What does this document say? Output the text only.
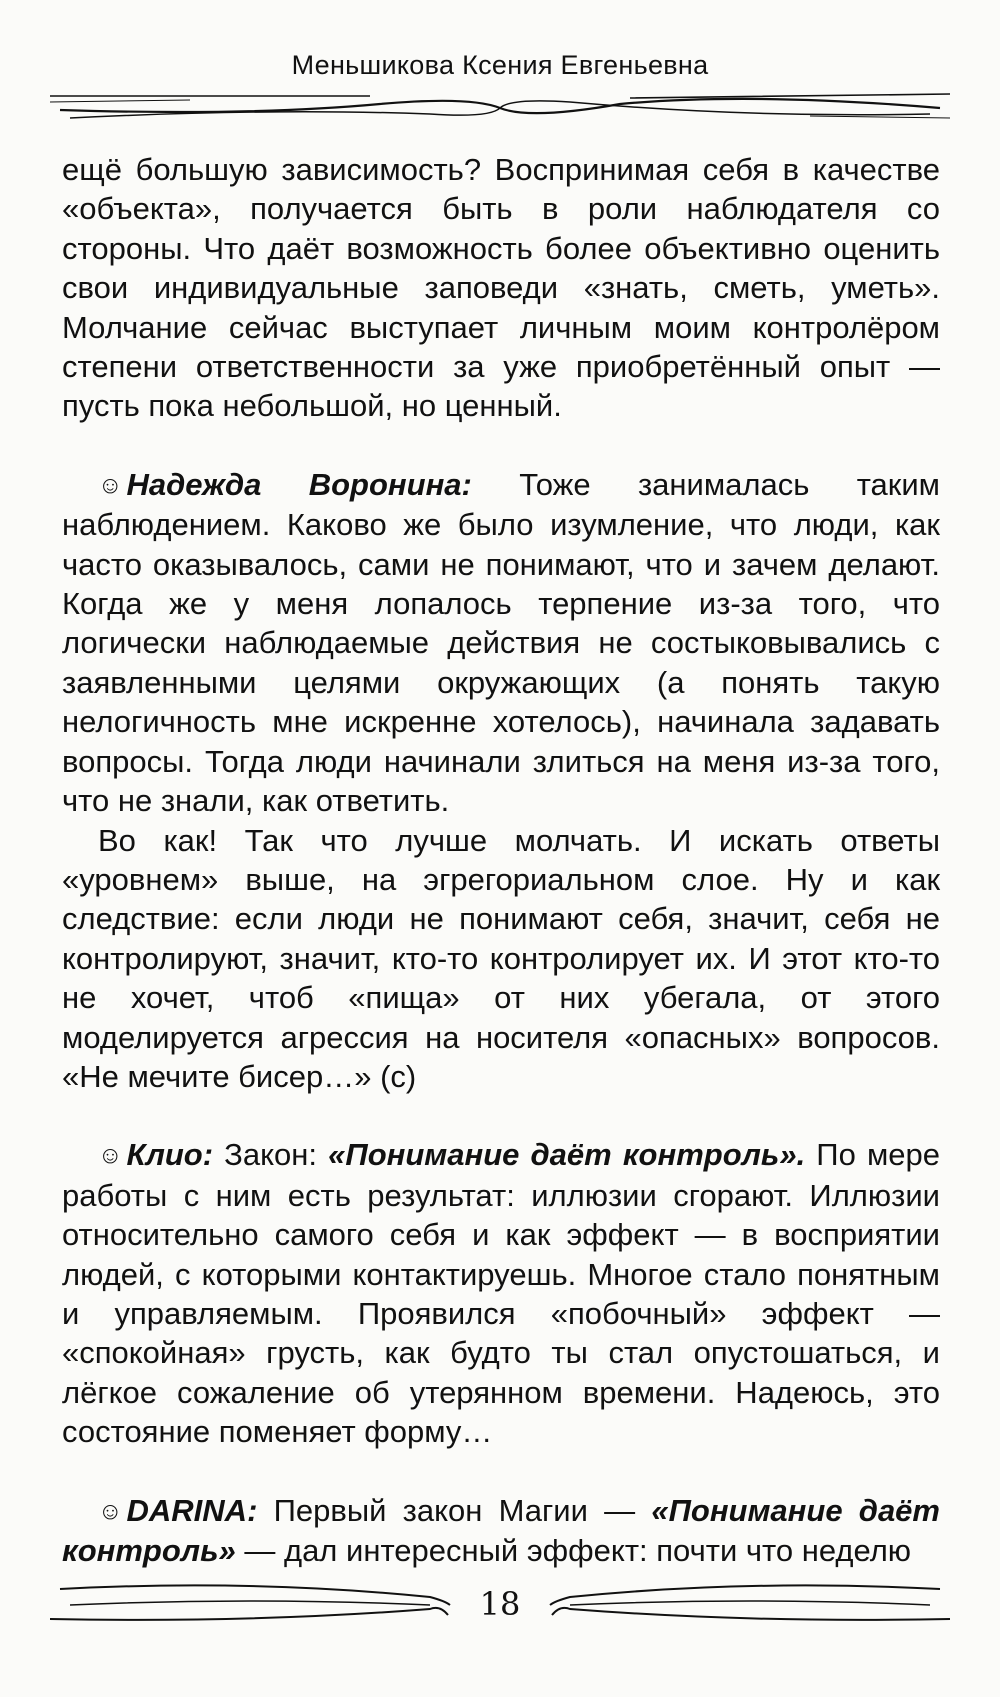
Меньшикова Ксения Евгеньевна

ещё большую зависимость? Воспринимая себя в качестве «объекта», получается быть в роли наблюдателя со стороны. Что даёт возможность более объективно оценить свои индивидуальные заповеди «знать, сметь, уметь». Молчание сейчас выступает личным моим контролёром степени ответственности за уже приобретённый опыт — пусть пока небольшой, но ценный.

☺ Надежда Воронина: Тоже занималась таким наблюдением. Каково же было изумление, что люди, как часто оказывалось, сами не понимают, что и зачем делают. Когда же у меня лопалось терпение из-за того, что логически наблюдаемые действия не состыковывались с заявленными целями окружающих (а понять такую нелогичность мне искренне хотелось), начинала задавать вопросы. Тогда люди начинали злиться на меня из-за того, что не знали, как ответить.

Во как! Так что лучше молчать. И искать ответы «уровнем» выше, на эгрегориальном слое. Ну и как следствие: если люди не понимают себя, значит, себя не контролируют, значит, кто-то контролирует их. И этот кто-то не хочет, чтоб «пища» от них убегала, от этого моделируется агрессия на носителя «опасных» вопросов. «Не мечите бисер…» (с)

☺ Клио: Закон: «Понимание даёт контроль». По мере работы с ним есть результат: иллюзии сгорают. Иллюзии относительно самого себя и как эффект — в восприятии людей, с которыми контактируешь. Многое стало понятным и управляемым. Проявился «побочный» эффект — «спокойная» грусть, как будто ты стал опустошаться, и лёгкое сожаление об утерянном времени. Надеюсь, это состояние поменяет форму…

☺ DARINA: Первый закон Магии — «Понимание даёт контроль» — дал интересный эффект: почти что неделю

18
